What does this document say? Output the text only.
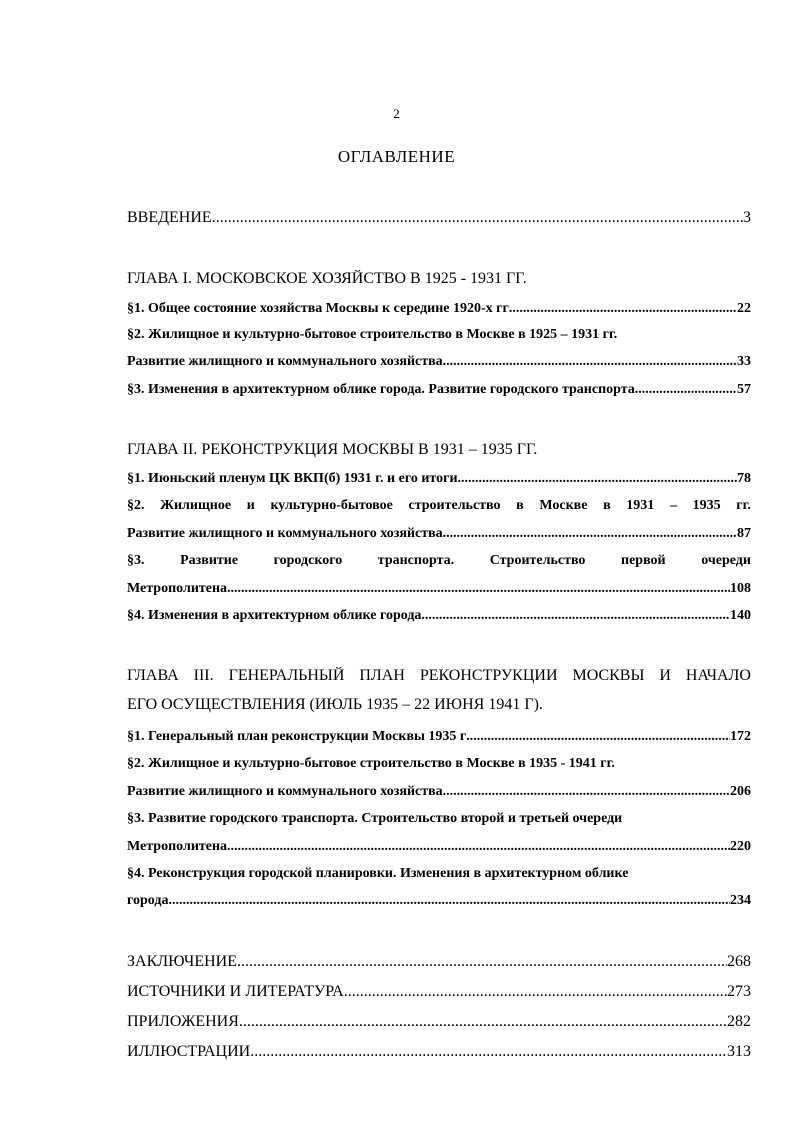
2
ОГЛАВЛЕНИЕ
ВВЕДЕНИЕ .....	3
ГЛАВА I. МОСКОВСКОЕ ХОЗЯЙСТВО В 1925 - 1931 ГГ.
§1. Общее состояние хозяйства Москвы к середине 1920-х гг .....	22
§2. Жилищное и культурно-бытовое строительство в Москве в 1925 – 1931 гг.
Развитие жилищного и коммунального хозяйства .....	33
§3. Изменения в архитектурном облике города. Развитие городского транспорта .....	57
ГЛАВА II. РЕКОНСТРУКЦИЯ МОСКВЫ В 1931 – 1935 ГГ.
§1. Июньский пленум ЦК ВКП(б) 1931 г. и его итоги .....	78
§2. Жилищное и культурно-бытовое строительство в Москве в 1931 – 1935 гг.
Развитие жилищного и коммунального хозяйства .....	87
§3.	Развитие	городского	транспорта.	Строительство	первой	очереди
Метрополитена .....	108
§4. Изменения в архитектурном облике города .....	140
ГЛАВА III. ГЕНЕРАЛЬНЫЙ ПЛАН РЕКОНСТРУКЦИИ МОСКВЫ И НАЧАЛО
ЕГО ОСУЩЕСТВЛЕНИЯ (ИЮЛЬ 1935 – 22 ИЮНЯ 1941 Г).
§1. Генеральный план реконструкции Москвы 1935 г .....	172
§2. Жилищное и культурно-бытовое строительство в Москве в 1935 - 1941 гг.
Развитие жилищного и коммунального хозяйства .....	206
§3. Развитие городского транспорта. Строительство второй и третьей очереди
Метрополитена .....	220
§4. Реконструкция городской планировки. Изменения в архитектурном облике
города .....	234
ЗАКЛЮЧЕНИЕ .....	268
ИСТОЧНИКИ И ЛИТЕРАТУРА .....	273
ПРИЛОЖЕНИЯ .....	282
ИЛЛЮСТРАЦИИ .....	313
